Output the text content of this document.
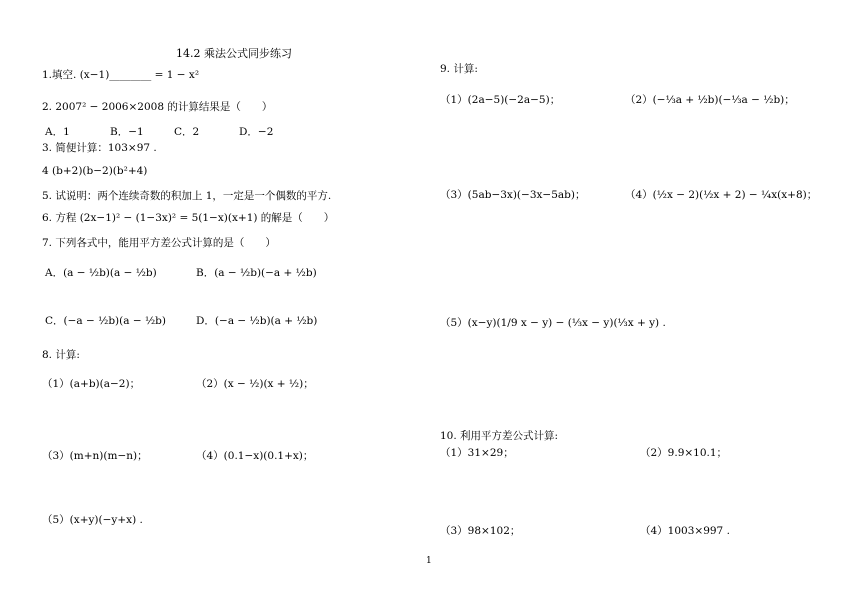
14.2 乘法公式同步练习
1.填空. (x−1)________ = 1 − x²
2. 2007² − 2006×2008 的计算结果是（　　）
A．1	B．−1	C．2	D．−2
3. 简便计算：103×97 .
4 (b+2)(b−2)(b²+4)
5. 试说明：两个连续奇数的积加上 1，一定是一个偶数的平方.
6. 方程 (2x−1)² − (1−3x)² = 5(1−x)(x+1) 的解是（　　）
7. 下列各式中，能用平方差公式计算的是（　　）
A．(a − ½b)(a − ½b)	B．(a − ½b)(−a + ½b)
C．(−a − ½b)(a − ½b)	D．(−a − ½b)(a + ½b)
8. 计算:
（1）(a+b)(a−2)；	（2）(x − ½)(x + ½)；
（3）(m+n)(m−n)；	（4）(0.1−x)(0.1+x)；
（5）(x+y)(−y+x) .
9. 计算:
（1）(2a−5)(−2a−5)；	（2）(−⅓a + ½b)(−⅓a − ½b)；
（3）(5ab−3x)(−3x−5ab)；	（4）(½x − 2)(½x + 2) − ¼x(x+8)；
（5）(x−y)(1/9 x − y) − (⅓x − y)(⅓x + y) .
10. 利用平方差公式计算:
（1）31×29；	（2）9.9×10.1；
（3）98×102；	（4）1003×997 .
1
